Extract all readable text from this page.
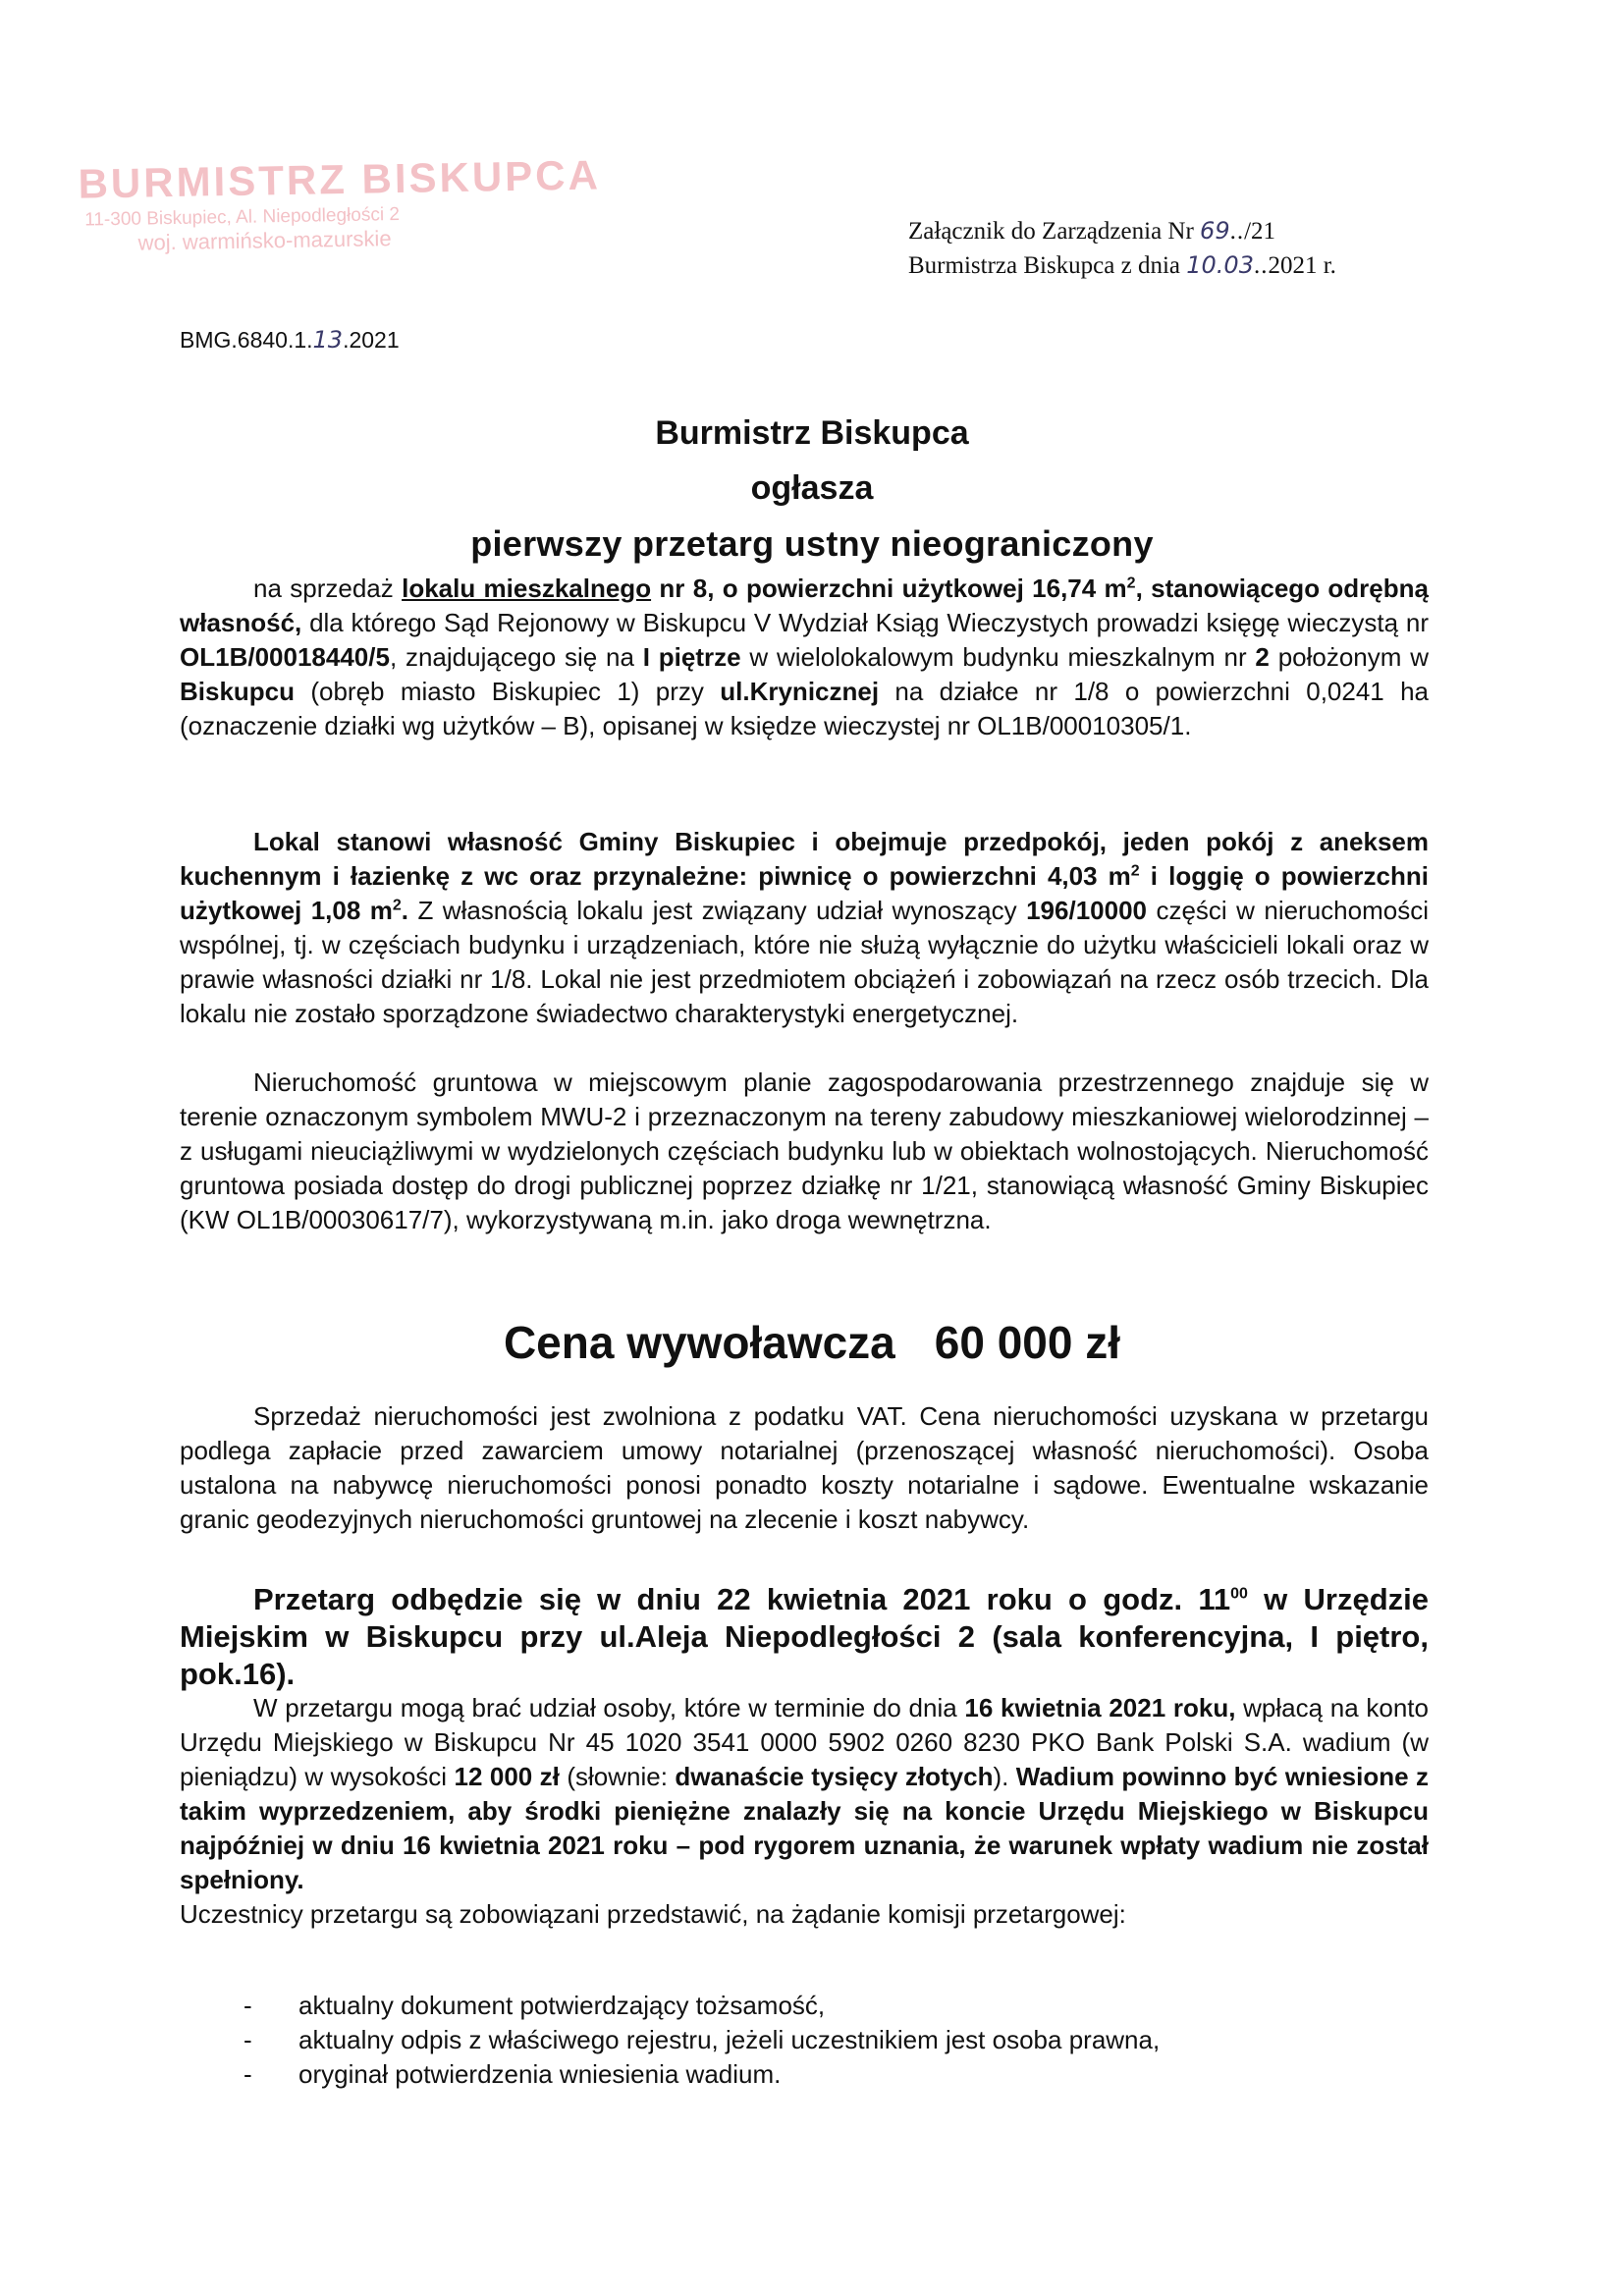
BURMISTRZ BISKUPCA
11-300 Biskupiec, Al. Niepodległości 2
woj. warmińsko-mazurskie	Załącznik do Zarządzenia Nr 69../21
Burmistrza Biskupca z dnia 10.03..2021 r.
BMG.6840.1.13.2021
Burmistrz Biskupca
ogłasza
pierwszy przetarg ustny nieograniczony
na sprzedaż lokalu mieszkalnego nr 8, o powierzchni użytkowej 16,74 $m^2$, stanowiącego odrębną własność, dla którego Sąd Rejonowy w Biskupcu V Wydział Ksiąg Wieczystych prowadzi księgę wieczystą nr OL1B/00018440/5, znajdującego się na I piętrze w wielolokalowym budynku mieszkalnym nr 2 położonym w Biskupcu (obręb miasto Biskupiec 1) przy ul.Krynicznej na działce nr 1/8 o powierzchni 0,0241 ha (oznaczenie działki wg użytków – B), opisanej w księdze wieczystej nr OL1B/00010305/1.
Lokal stanowi własność Gminy Biskupiec i obejmuje przedpokój, jeden pokój z aneksem kuchennym i łazienkę z wc oraz przynależne: piwnicę o powierzchni 4,03 $m^2$ i loggię o powierzchni użytkowej 1,08 $m^2$. Z własnością lokalu jest związany udział wynoszący 196/10000 części w nieruchomości wspólnej, tj. w częściach budynku i urządzeniach, które nie służą wyłącznie do użytku właścicieli lokali oraz w prawie własności działki nr 1/8. Lokal nie jest przedmiotem obciążeń i zobowiązań na rzecz osób trzecich. Dla lokalu nie zostało sporządzone świadectwo charakterystyki energetycznej.
Nieruchomość gruntowa w miejscowym planie zagospodarowania przestrzennego znajduje się w terenie oznaczonym symbolem MWU-2 i przeznaczonym na tereny zabudowy mieszkaniowej wielorodzinnej – z usługami nieuciążliwymi w wydzielonych częściach budynku lub w obiektach wolnostojących. Nieruchomość gruntowa posiada dostęp do drogi publicznej poprzez działkę nr 1/21, stanowiącą własność Gminy Biskupiec (KW OL1B/00030617/7), wykorzystywaną m.in. jako droga wewnętrzna.
Cena wywoławcza 60 000 zł
Sprzedaż nieruchomości jest zwolniona z podatku VAT. Cena nieruchomości uzyskana w przetargu podlega zapłacie przed zawarciem umowy notarialnej (przenoszącej własność nieruchomości). Osoba ustalona na nabywcę nieruchomości ponosi ponadto koszty notarialne i sądowe. Ewentualne wskazanie granic geodezyjnych nieruchomości gruntowej na zlecenie i koszt nabywcy.
Przetarg odbędzie się w dniu 22 kwietnia 2021 roku o godz. $11^{00}$ w Urzędzie Miejskim w Biskupcu przy ul.Aleja Niepodległości 2 (sala konferencyjna, I piętro, pok.16).
W przetargu mogą brać udział osoby, które w terminie do dnia 16 kwietnia 2021 roku, wpłacą na konto Urzędu Miejskiego w Biskupcu Nr 45 1020 3541 0000 5902 0260 8230 PKO Bank Polski S.A. wadium (w pieniądzu) w wysokości 12 000 zł (słownie: dwanaście tysięcy złotych). Wadium powinno być wniesione z takim wyprzedzeniem, aby środki pieniężne znalazły się na koncie Urzędu Miejskiego w Biskupcu najpóźniej w dniu 16 kwietnia 2021 roku – pod rygorem uznania, że warunek wpłaty wadium nie został spełniony.
Uczestnicy przetargu są zobowiązani przedstawić, na żądanie komisji przetargowej:
- aktualny dokument potwierdzający tożsamość,
- aktualny odpis z właściwego rejestru, jeżeli uczestnikiem jest osoba prawna,
- oryginał potwierdzenia wniesienia wadium.
